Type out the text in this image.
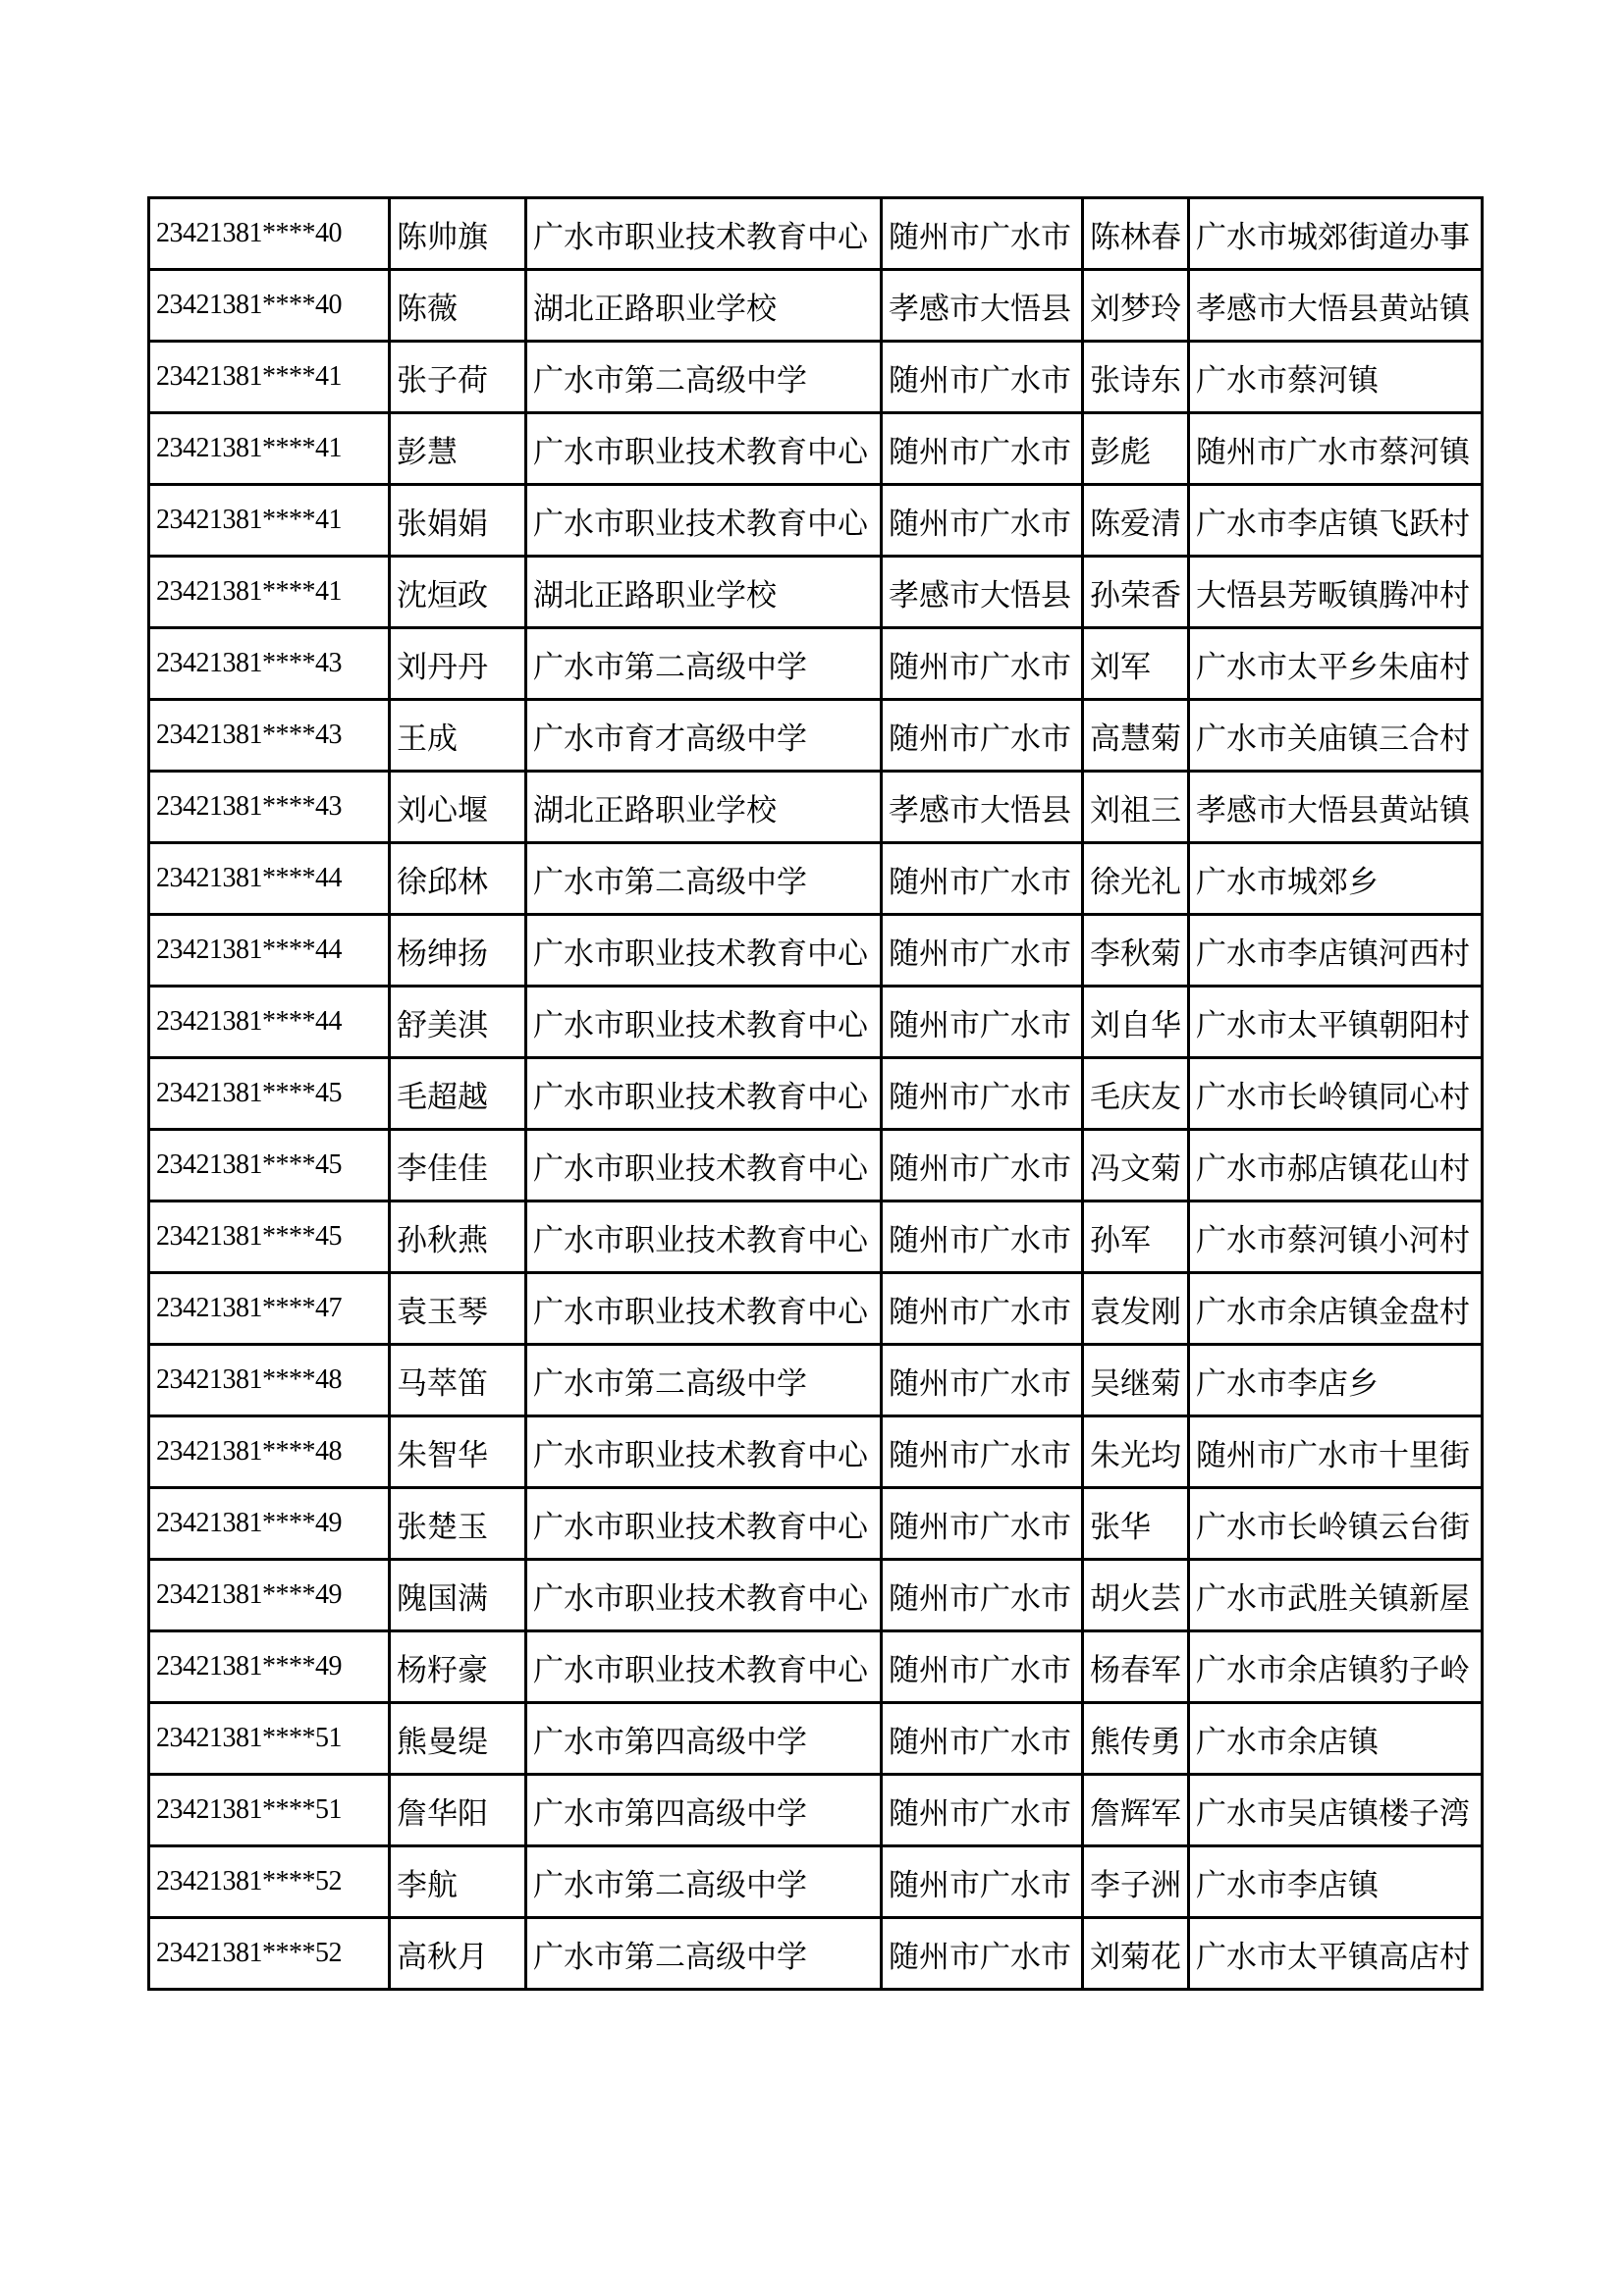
23421381****40	陈帅旗	广水市职业技术教育中心	随州市广水市	陈林春	广水市城郊街道办事
23421381****40	陈薇	湖北正路职业学校	孝感市大悟县	刘梦玲	孝感市大悟县黄站镇
23421381****41	张子荷	广水市第二高级中学	随州市广水市	张诗东	广水市蔡河镇
23421381****41	彭慧	广水市职业技术教育中心	随州市广水市	彭彪	随州市广水市蔡河镇
23421381****41	张娟娟	广水市职业技术教育中心	随州市广水市	陈爱清	广水市李店镇飞跃村
23421381****41	沈烜政	湖北正路职业学校	孝感市大悟县	孙荣香	大悟县芳畈镇腾冲村
23421381****43	刘丹丹	广水市第二高级中学	随州市广水市	刘军	广水市太平乡朱庙村
23421381****43	王成	广水市育才高级中学	随州市广水市	高慧菊	广水市关庙镇三合村
23421381****43	刘心堰	湖北正路职业学校	孝感市大悟县	刘祖三	孝感市大悟县黄站镇
23421381****44	徐邱林	广水市第二高级中学	随州市广水市	徐光礼	广水市城郊乡
23421381****44	杨绅扬	广水市职业技术教育中心	随州市广水市	李秋菊	广水市李店镇河西村
23421381****44	舒美淇	广水市职业技术教育中心	随州市广水市	刘自华	广水市太平镇朝阳村
23421381****45	毛超越	广水市职业技术教育中心	随州市广水市	毛庆友	广水市长岭镇同心村
23421381****45	李佳佳	广水市职业技术教育中心	随州市广水市	冯文菊	广水市郝店镇花山村
23421381****45	孙秋燕	广水市职业技术教育中心	随州市广水市	孙军	广水市蔡河镇小河村
23421381****47	袁玉琴	广水市职业技术教育中心	随州市广水市	袁发刚	广水市余店镇金盘村
23421381****48	马萃笛	广水市第二高级中学	随州市广水市	吴继菊	广水市李店乡
23421381****48	朱智华	广水市职业技术教育中心	随州市广水市	朱光均	随州市广水市十里街
23421381****49	张楚玉	广水市职业技术教育中心	随州市广水市	张华	广水市长岭镇云台街
23421381****49	隗国满	广水市职业技术教育中心	随州市广水市	胡火芸	广水市武胜关镇新屋
23421381****49	杨籽豪	广水市职业技术教育中心	随州市广水市	杨春军	广水市余店镇豹子岭
23421381****51	熊曼缇	广水市第四高级中学	随州市广水市	熊传勇	广水市余店镇
23421381****51	詹华阳	广水市第四高级中学	随州市广水市	詹辉军	广水市吴店镇楼子湾
23421381****52	李航	广水市第二高级中学	随州市广水市	李子洲	广水市李店镇
23421381****52	高秋月	广水市第二高级中学	随州市广水市	刘菊花	广水市太平镇高店村
